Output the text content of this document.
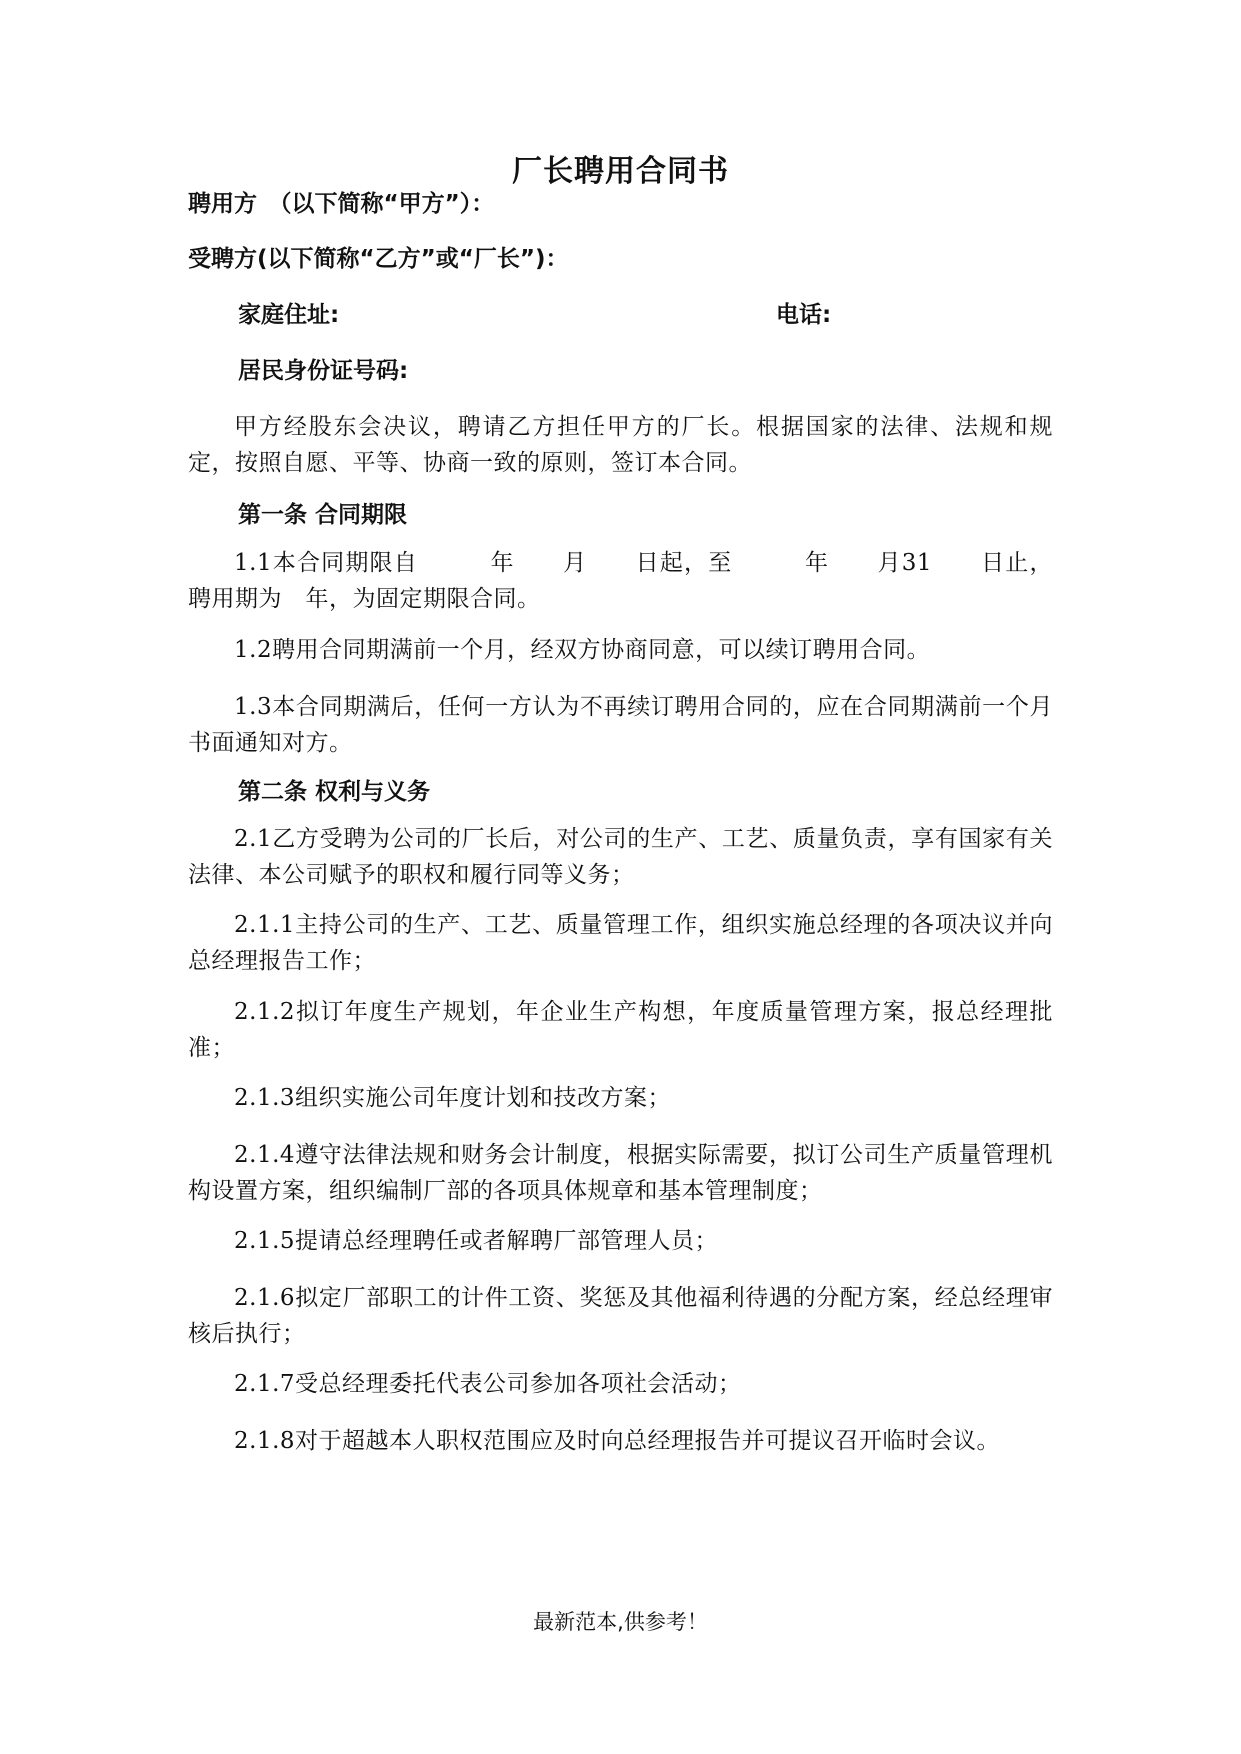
厂长聘用合同书
聘用方　（以下简称“甲方”）：
受聘方(以下简称“乙方”或“厂长”)：
家庭住址:	电话:
居民身份证号码:
甲方经股东会决议，聘请乙方担任甲方的厂长。根据国家的法律、法规和规定，按照自愿、平等、协商一致的原则，签订本合同。
第一条 合同期限
1.1本合同期限自　　　年　　月　　日起，至　　　年　　月31　　日止，聘用期为　年，为固定期限合同。
1.2聘用合同期满前一个月，经双方协商同意，可以续订聘用合同。
1.3本合同期满后，任何一方认为不再续订聘用合同的，应在合同期满前一个月书面通知对方。
第二条 权利与义务
2.1乙方受聘为公司的厂长后，对公司的生产、工艺、质量负责，享有国家有关法律、本公司赋予的职权和履行同等义务；
2.1.1主持公司的生产、工艺、质量管理工作，组织实施总经理的各项决议并向总经理报告工作；
2.1.2拟订年度生产规划，年企业生产构想，年度质量管理方案，报总经理批准；
2.1.3组织实施公司年度计划和技改方案；
2.1.4遵守法律法规和财务会计制度，根据实际需要，拟订公司生产质量管理机构设置方案，组织编制厂部的各项具体规章和基本管理制度；
2.1.5提请总经理聘任或者解聘厂部管理人员；
2.1.6拟定厂部职工的计件工资、奖惩及其他福利待遇的分配方案，经总经理审核后执行；
2.1.7受总经理委托代表公司参加各项社会活动；
2.1.8对于超越本人职权范围应及时向总经理报告并可提议召开临时会议。
最新范本,供参考！
